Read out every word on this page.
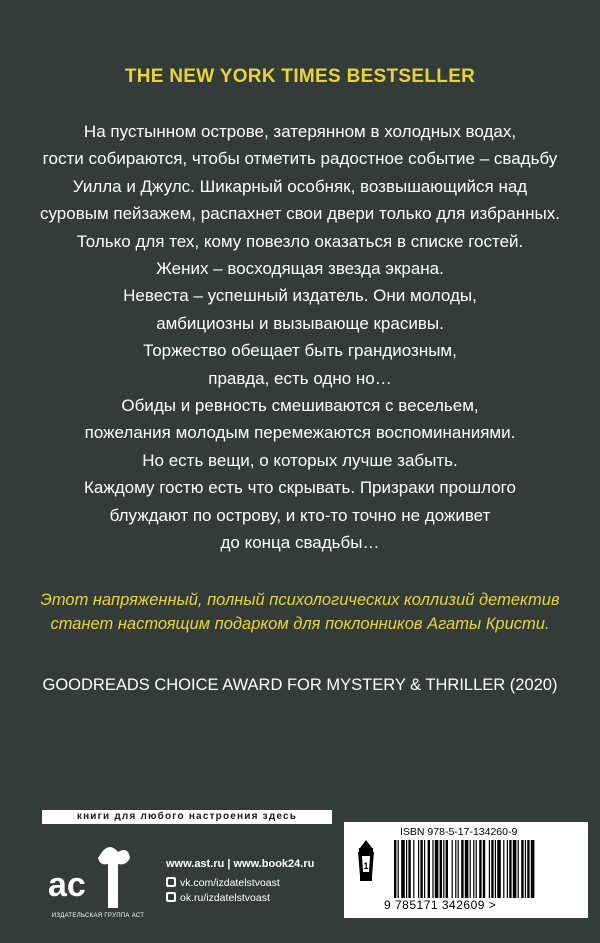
THE NEW YORK TIMES BESTSELLER
На пустынном острове, затерянном в холодных водах,
гости собираются, чтобы отметить радостное событие – свадьбу
Уилла и Джулс. Шикарный особняк, возвышающийся над
суровым пейзажем, распахнет свои двери только для избранных.
Только для тех, кому повезло оказаться в списке гостей.
Жених – восходящая звезда экрана.
Невеста – успешный издатель. Они молоды,
амбициозны и вызывающе красивы.
Торжество обещает быть грандиозным,
правда, есть одно но…
Обиды и ревность смешиваются с весельем,
пожелания молодым перемежаются воспоминаниями.
Но есть вещи, о которых лучше забыть.
Каждому гостю есть что скрывать. Призраки прошлого
блуждают по острову, и кто-то точно не доживет
до конца свадьбы…
Этот напряженный, полный психологических коллизий детектив
станет настоящим подарком для поклонников Агаты Кристи.
GOODREADS CHOICE AWARD FOR MYSTERY & THRILLER (2020)
книги для любого настроения здесь
ac
ИЗДАТЕЛЬСКАЯ ГРУППА АСТ
www.ast.ru | www.book24.ru
vk.com/izdatelstvoast
ok.ru/izdatelstvoast
1
ISBN 978-5-17-134260-9
9 785171 342609 >
